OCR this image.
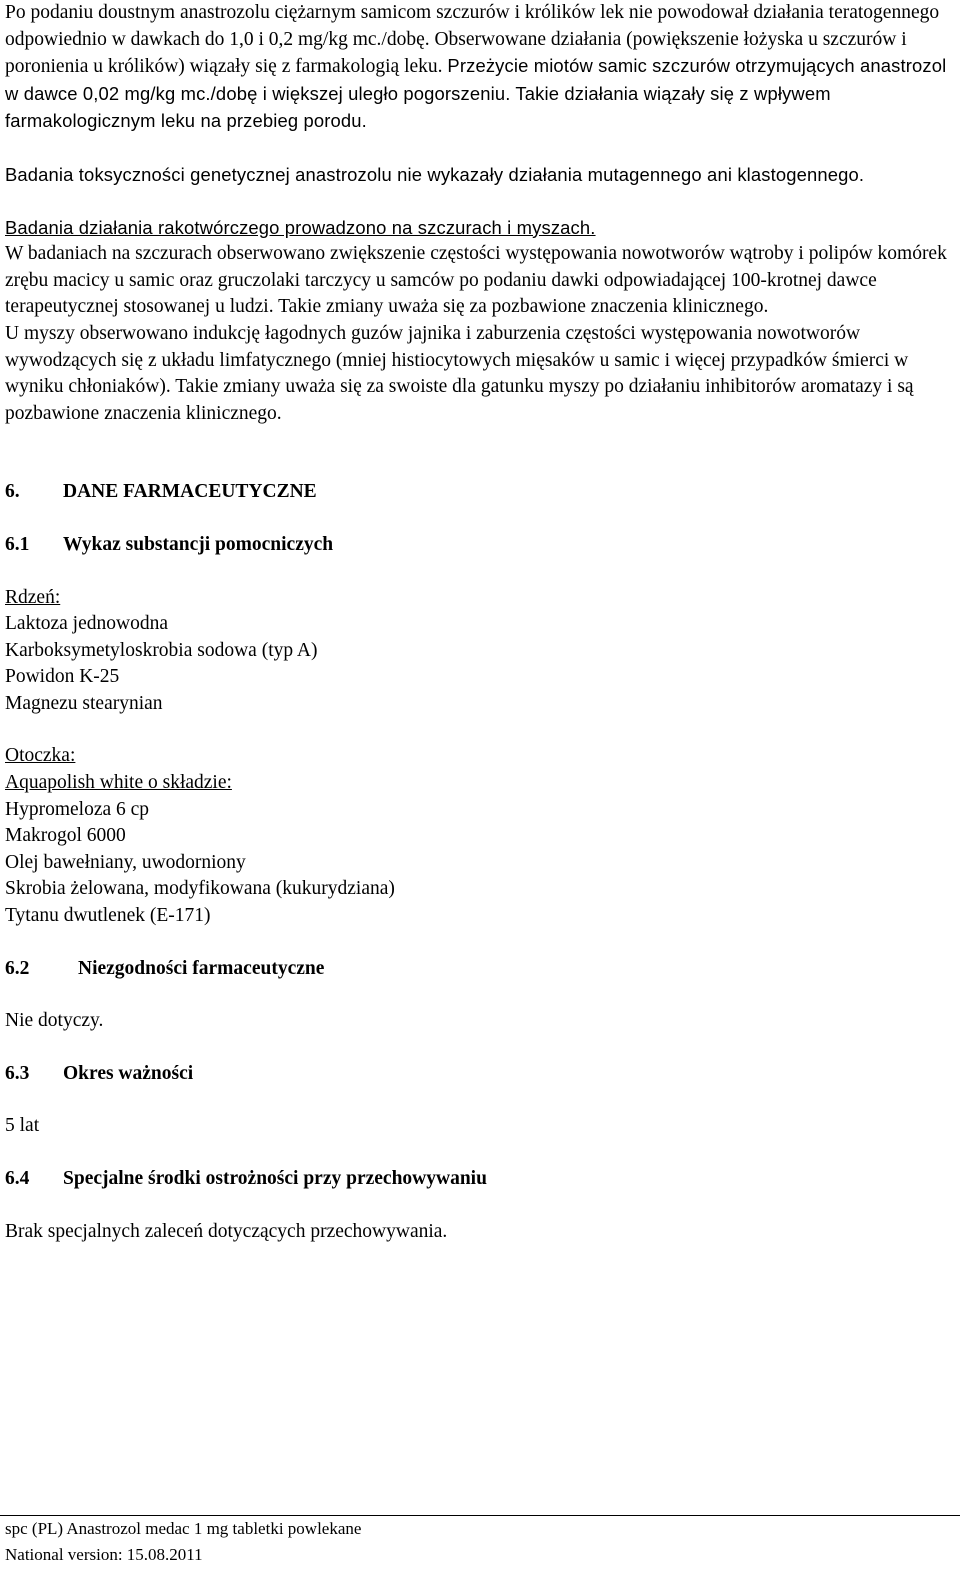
Po podaniu doustnym anastrozolu ciężarnym samicom szczurów i królików lek nie powodował działania teratogennego odpowiednio w dawkach do 1,0 i 0,2 mg/kg mc./dobę. Obserwowane działania (powiększenie łożyska u szczurów i poronienia u królików) wiązały się z farmakologią leku. Przeżycie miotów samic szczurów otrzymujących anastrozol w dawce 0,02 mg/kg mc./dobę i większej uległo pogorszeniu. Takie działania wiązały się z wpływem farmakologicznym leku na przebieg porodu.

Badania toksyczności genetycznej anastrozolu nie wykazały działania mutagennego ani klastogennego.

Badania działania rakotwórczego prowadzono na szczurach i myszach.

W badaniach na szczurach obserwowano zwiększenie częstości występowania nowotworów wątroby i polipów komórek zrębu macicy u samic oraz gruczolaki tarczycy u samców po podaniu dawki odpowiadającej 100-krotnej dawce terapeutycznej stosowanej u ludzi. Takie zmiany uważa się za pozbawione znaczenia klinicznego.

U myszy obserwowano indukcję łagodnych guzów jajnika i zaburzenia częstości występowania nowotworów wywodzących się z układu limfatycznego (mniej histiocytowych mięsaków u samic i więcej przypadków śmierci w wyniku chłoniaków). Takie zmiany uważa się za swoiste dla gatunku myszy po działaniu inhibitorów aromatazy i są pozbawione znaczenia klinicznego.

6. DANE FARMACEUTYCZNE
6.1 Wykaz substancji pomocniczych

Rdzeń:

Laktoza jednowodna
Karboksymetyloskrobia sodowa (typ A)
Powidon K-25
Magnezu stearynian

Otoczka:

Aquapolish white o składzie:

Hypromeloza 6 cp
Makrogol 6000
Olej bawełniany, uwodorniony
Skrobia żelowana, modyfikowana (kukurydziana)
Tytanu dwutlenek (E-171)
6.2 Niezgodności farmaceutyczne

Nie dotyczy.

6.3 Okres ważności

5 lat

6.4 Specjalne środki ostrożności przy przechowywaniu

Brak specjalnych zaleceń dotyczących przechowywania.

spc (PL) Anastrozol medac 1 mg tabletki powlekane
National version: 15.08.2011
